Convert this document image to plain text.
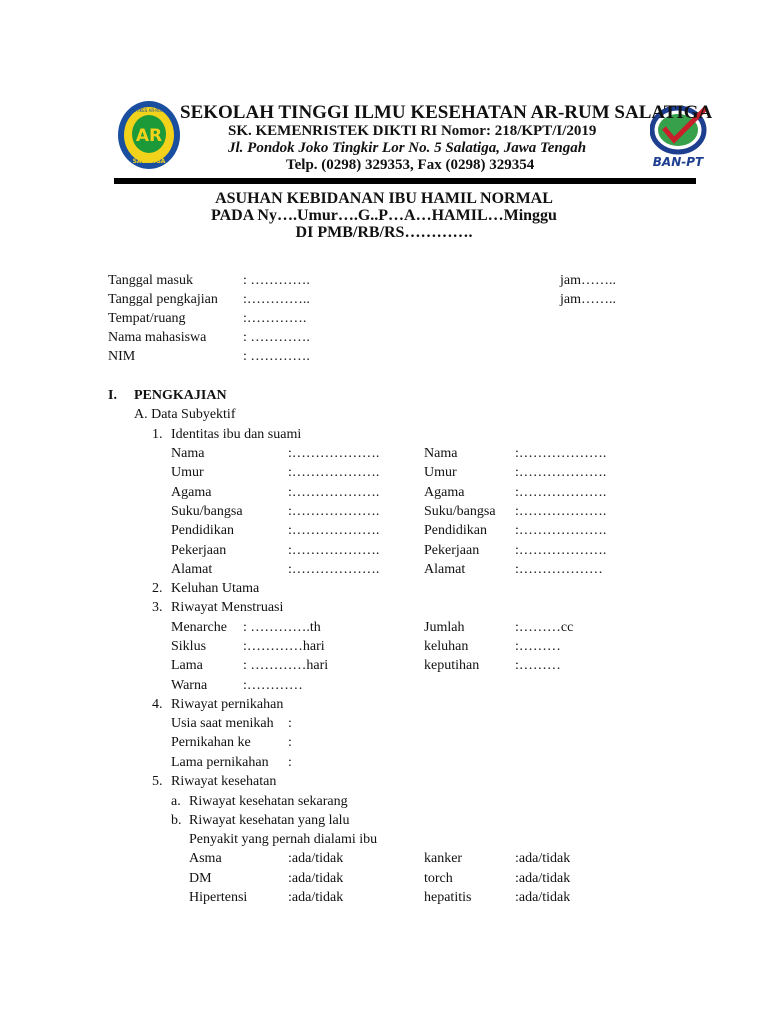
AR
SALATIGA
STIKES AR-RUM
BAN-PT
SEKOLAH TINGGI ILMU KESEHATAN AR-RUM SALATIGA
SK. KEMENRISTEK DIKTI RI Nomor: 218/KPT/I/2019
Jl. Pondok Joko Tingkir Lor No. 5 Salatiga, Jawa Tengah
Telp. (0298) 329353, Fax (0298) 329354
ASUHAN KEBIDANAN IBU HAMIL NORMAL
PADA Ny….Umur….G..P…A…HAMIL…Minggu
DI PMB/RB/RS………….
Tanggal masuk	: ………….	jam……..
Tanggal pengkajian :…………..	jam……..
Tempat/ruang	:………….
Nama mahasiswa	: ………….
NIM	: ………….
I. PENGKAJIAN
A. Data Subyektif
1. Identitas ibu dan suami
Nama	:……………….	Nama	:……………….
Umur	:……………….	Umur	:……………….
Agama	:……………….	Agama	:……………….
Suku/bangsa	:……………….	Suku/bangsa :……………….
Pendidikan	:……………….	Pendidikan :……………….
Pekerjaan	:……………….	Pekerjaan	:……………….
Alamat	:……………….	Alamat	:………………
2. Keluhan Utama
3. Riwayat Menstruasi
Menarche : ………….th	Jumlah	:………cc
Siklus	:…………hari	keluhan	:………
Lama	: …………hari	keputihan	:………
Warna	:…………
4. Riwayat pernikahan
Usia saat menikah :
Pernikahan ke	:
Lama pernikahan :
5. Riwayat kesehatan
a. Riwayat kesehatan sekarang
b. Riwayat kesehatan yang lalu
Penyakit yang pernah dialami ibu
Asma	:ada/tidak	kanker	:ada/tidak
DM	:ada/tidak	torch	:ada/tidak
Hipertensi	:ada/tidak	hepatitis	:ada/tidak
